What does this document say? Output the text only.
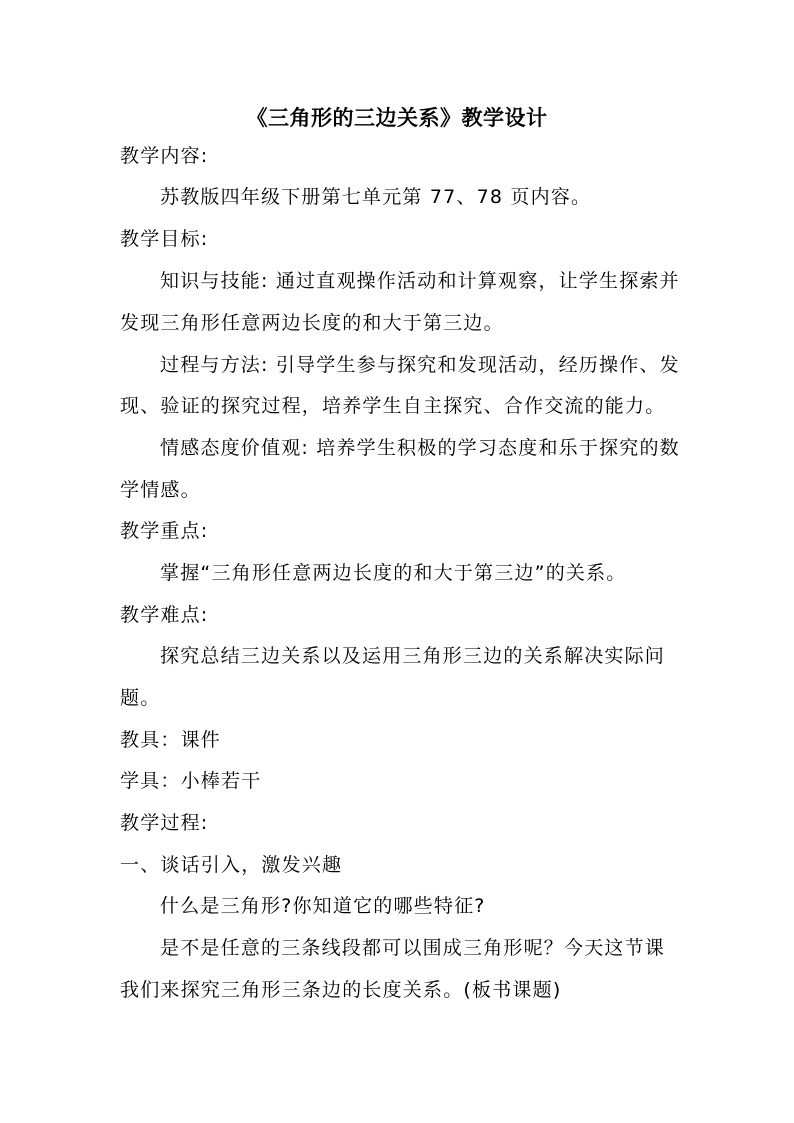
《三角形的三边关系》教学设计
教学内容:
苏教版四年级下册第七单元第 77、78 页内容。
教学目标:
知识与技能: 通过直观操作活动和计算观察，让学生探索并
发现三角形任意两边长度的和大于第三边。
过程与方法: 引导学生参与探究和发现活动，经历操作、发
现、验证的探究过程，培养学生自主探究、合作交流的能力。
情感态度价值观: 培养学生积极的学习态度和乐于探究的数
学情感。
教学重点:
掌握“三角形任意两边长度的和大于第三边”的关系。
教学难点:
探究总结三边关系以及运用三角形三边的关系解决实际问
题。
教具：课件
学具：小棒若干
教学过程:
一、谈话引入，激发兴趣
什么是三角形?你知道它的哪些特征?
是不是任意的三条线段都可以围成三角形呢？今天这节课
我们来探究三角形三条边的长度关系。(板书课题)
